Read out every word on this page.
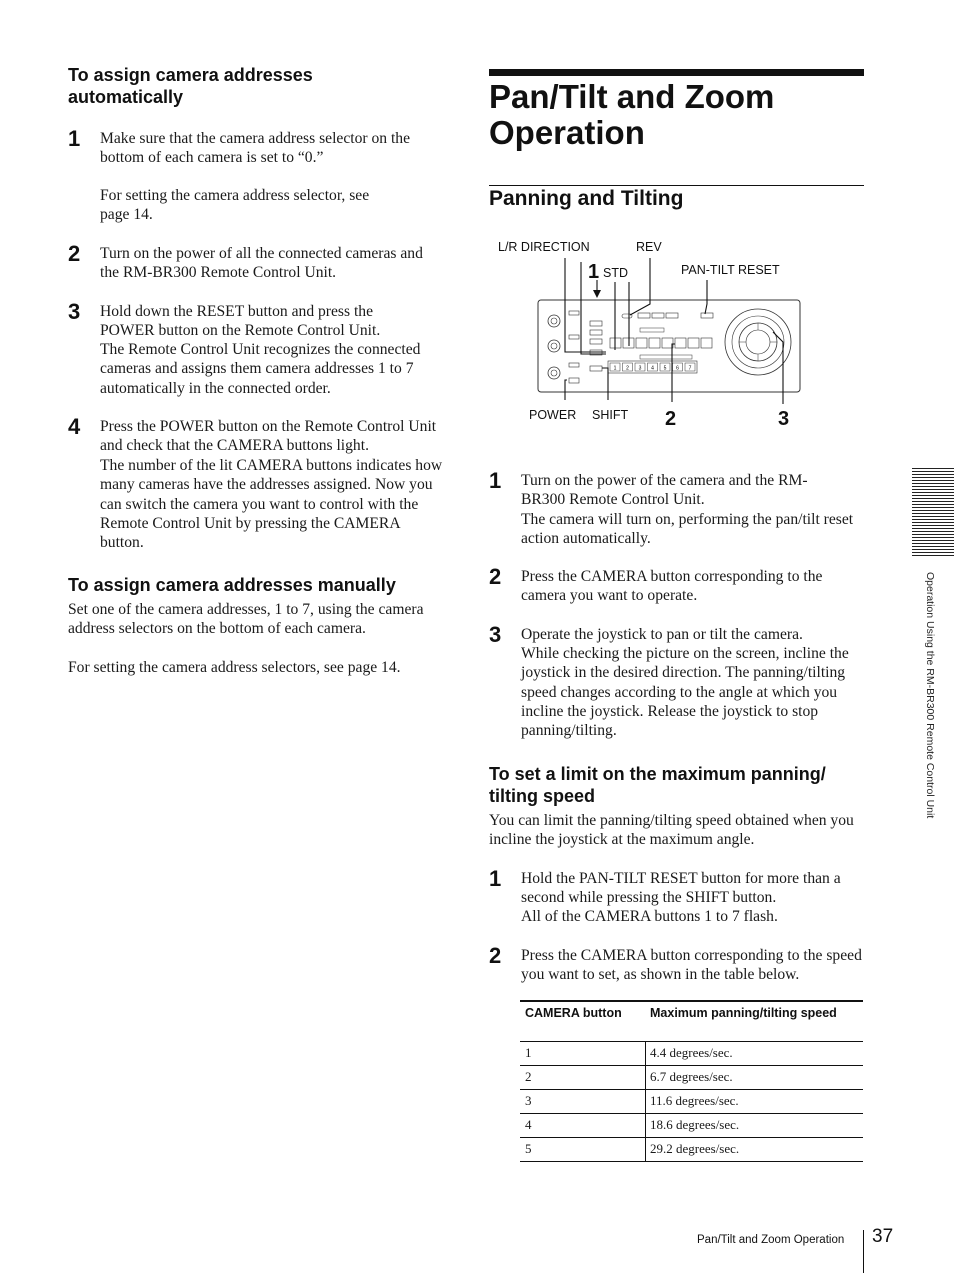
To assign camera addresses automatically
1 Make sure that the camera address selector on the bottom of each camera is set to “0.”
For setting the camera address selector, see page 14.
2 Turn on the power of all the connected cameras and the RM-BR300 Remote Control Unit.
3 Hold down the RESET button and press the POWER button on the Remote Control Unit.
The Remote Control Unit recognizes the connected cameras and assigns them camera addresses 1 to 7 automatically in the connected order.
4 Press the POWER button on the Remote Control Unit and check that the CAMERA buttons light.
The number of the lit CAMERA buttons indicates how many cameras have the addresses assigned. Now you can switch the camera you want to control with the Remote Control Unit by pressing the CAMERA button.
To assign camera addresses manually
Set one of the camera addresses, 1 to 7, using the camera address selectors on the bottom of each camera.
For setting the camera address selectors, see page 14.
Pan/Tilt and Zoom Operation
Panning and Tilting
L/R DIRECTION	REV
1 STD	PAN-TILT RESET
POWER SHIFT 2	3
1 2 3 4 5 6 7
1 Turn on the power of the camera and the RM-BR300 Remote Control Unit.
The camera will turn on, performing the pan/tilt reset action automatically.
2 Press the CAMERA button corresponding to the camera you want to operate.
3 Operate the joystick to pan or tilt the camera.
While checking the picture on the screen, incline the joystick in the desired direction. The panning/tilting speed changes according to the angle at which you incline the joystick. Release the joystick to stop panning/tilting.
To set a limit on the maximum panning/ tilting speed
You can limit the panning/tilting speed obtained when you incline the joystick at the maximum angle.
1 Hold the PAN-TILT RESET button for more than a second while pressing the SHIFT button.
All of the CAMERA buttons 1 to 7 flash.
2 Press the CAMERA button corresponding to the speed you want to set, as shown in the table below.
CAMERA button	Maximum panning/tilting speed
1	4.4 degrees/sec.
2	6.7 degrees/sec.
3	11.6 degrees/sec.
4	18.6 degrees/sec.
5	29.2 degrees/sec.
Operation Using the RM-BR300 Remote Control Unit
Pan/Tilt and Zoom Operation 37
